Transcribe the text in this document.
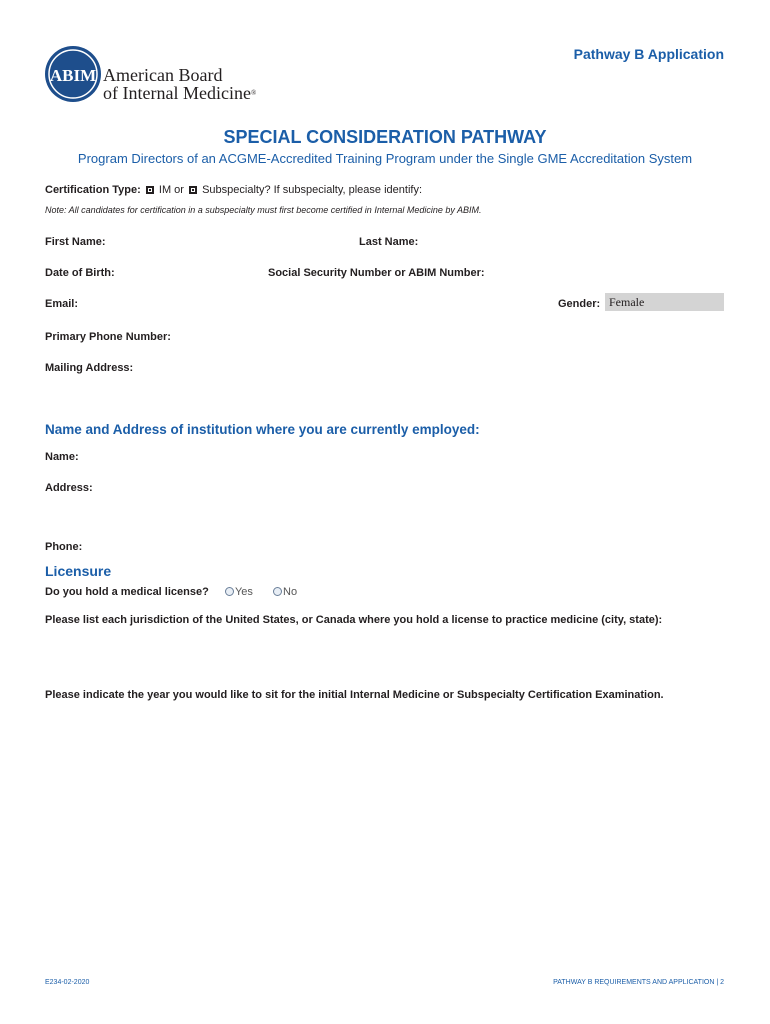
ABIM American Board
of Internal Medicine®
Pathway B Application
SPECIAL CONSIDERATION PATHWAY
Program Directors of an ACGME-Accredited Training Program under the Single GME Accreditation System
Certification Type: IM or Subspecialty? If subspecialty, please identify:
Note: All candidates for certification in a subspecialty must first become certified in Internal Medicine by ABIM.
First Name:	Last Name:
Date of Birth:	Social Security Number or ABIM Number:
Email:	Gender: Female
Primary Phone Number:
Mailing Address:
Name and Address of institution where you are currently employed:
Name:
Address:
Phone:
Licensure
Do you hold a medical license? Yes	No
Please list each jurisdiction of the United States, or Canada where you hold a license to practice medicine (city, state):
Please indicate the year you would like to sit for the initial Internal Medicine or Subspecialty Certification Examination.
E234-02-2020	PATHWAY B REQUIREMENTS AND APPLICATION | 2
